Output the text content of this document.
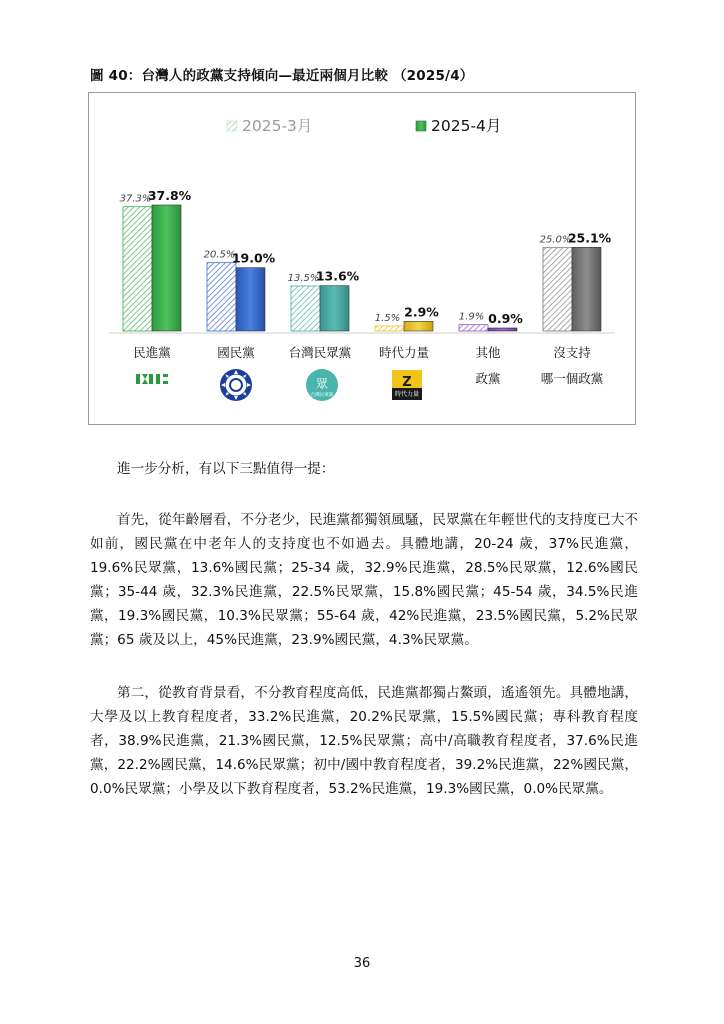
圖 40：台灣人的政黨支持傾向—最近兩個月比較 （2025/4）
2025-3月	2025-4月
37.3%
37.8%
20.5%
19.0%
13.5%
13.6%
1.5% 2.9% 1.9% 0.9%
25.0%
25.1%
民進黨	國民黨	台灣民眾黨 時代力量	其他
政黨
沒支持
哪一個政黨
眾
台灣民眾黨
Z
時代力量
進一步分析，有以下三點值得一提：
首先，從年齡層看，不分老少，民進黨都獨領風騷，民眾黨在年輕世代的支持度已大不如前，國民黨在中老年人的支持度也不如過去。具體地講，20-24 歲，37%民進黨，19.6%民眾黨，13.6%國民黨；25-34 歲，32.9%民進黨，28.5%民眾黨，12.6%國民黨；35-44 歲，32.3%民進黨，22.5%民眾黨，15.8%國民黨；45-54 歲，34.5%民進黨，19.3%國民黨，10.3%民眾黨；55-64 歲，42%民進黨，23.5%國民黨，5.2%民眾黨；65 歲及以上，45%民進黨，23.9%國民黨，4.3%民眾黨。
第二，從教育背景看，不分教育程度高低，民進黨都獨占鰲頭，遙遙領先。具體地講，大學及以上教育程度者，33.2%民進黨，20.2%民眾黨，15.5%國民黨；專科教育程度者，38.9%民進黨，21.3%國民黨，12.5%民眾黨；高中/高職教育程度者，37.6%民進黨，22.2%國民黨，14.6%民眾黨；初中/國中教育程度者，39.2%民進黨，22%國民黨，0.0%民眾黨；小學及以下教育程度者，53.2%民進黨，19.3%國民黨，0.0%民眾黨。
36
